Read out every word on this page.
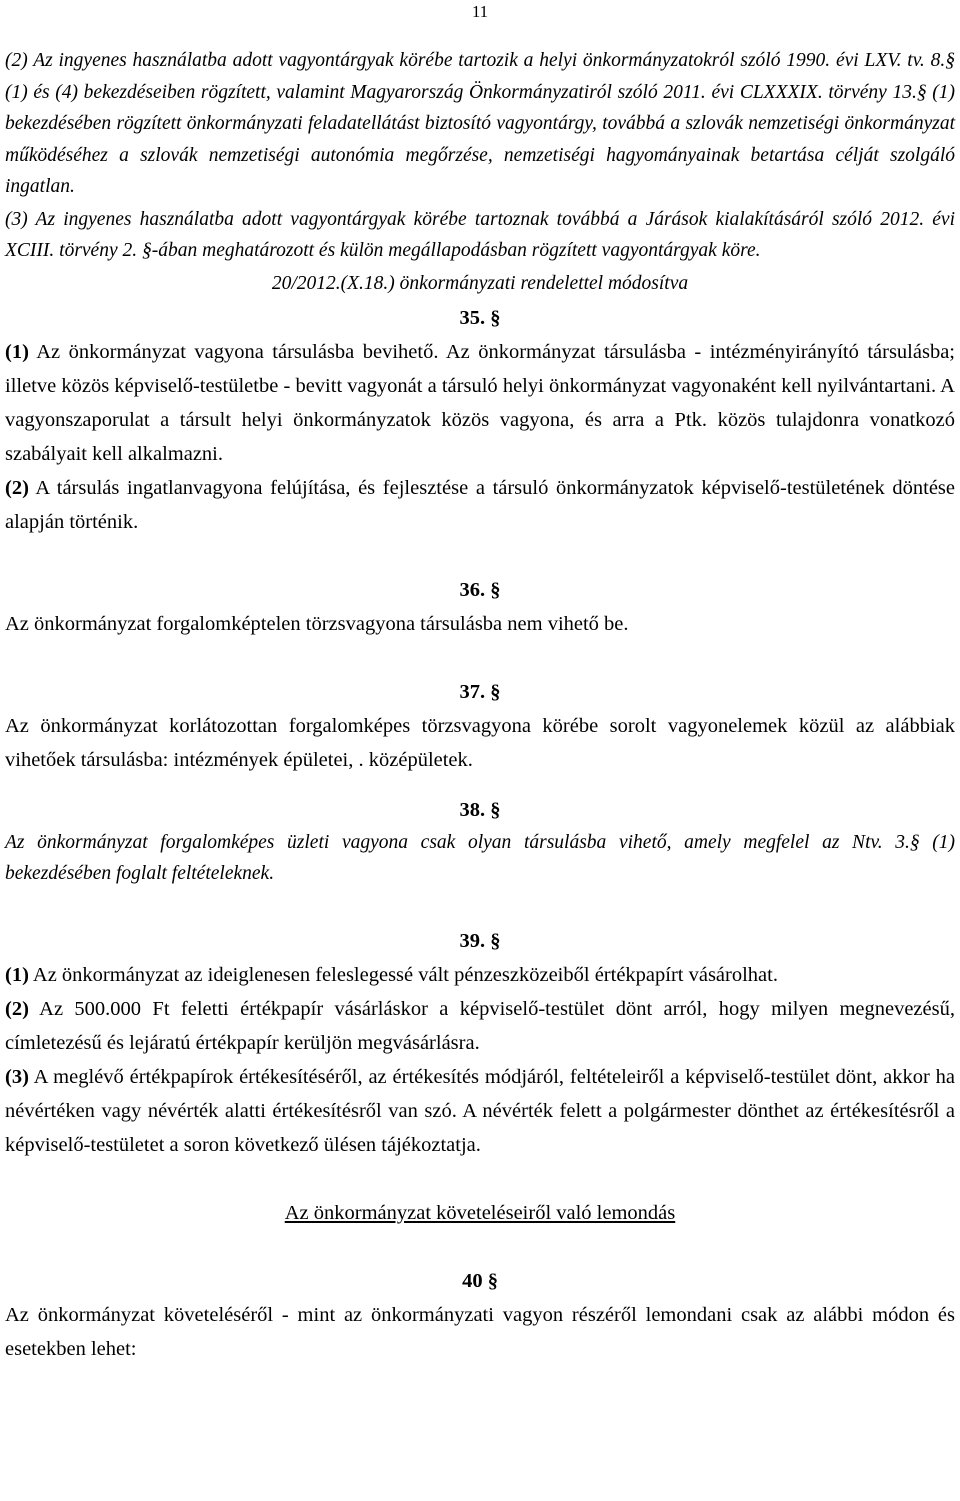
11

(2) Az ingyenes használatba adott vagyontárgyak körébe tartozik a helyi önkormányzatokról szóló 1990. évi LXV. tv. 8.§ (1) és (4) bekezdéseiben rögzített, valamint Magyarország Önkormányzatiról szóló 2011. évi CLXXXIX. törvény 13.§ (1) bekezdésében rögzített önkormányzati feladatellátást biztosító vagyontárgy, továbbá a szlovák nemzetiségi önkormányzat működéséhez a szlovák nemzetiségi autonómia megőrzése, nemzetiségi hagyományainak betartása célját szolgáló ingatlan.

(3) Az ingyenes használatba adott vagyontárgyak körébe tartoznak továbbá a Járások kialakításáról szóló 2012. évi XCIII. törvény 2. §-ában meghatározott és külön megállapodásban rögzített vagyontárgyak köre.

20/2012.(X.18.) önkormányzati rendelettel módosítva

35. §

(1) Az önkormányzat vagyona társulásba bevihető. Az önkormányzat társulásba - intézményirányító társulásba; illetve közös képviselő-testületbe - bevitt vagyonát a társuló helyi önkormányzat vagyonaként kell nyilvántartani. A vagyonszaporulat a társult helyi önkormányzatok közös vagyona, és arra a Ptk. közös tulajdonra vonatkozó szabályait kell alkalmazni.

(2) A társulás ingatlanvagyona felújítása, és fejlesztése a társuló önkormányzatok képviselő-testületének döntése alapján történik.

36. §

Az önkormányzat forgalomképtelen törzsvagyona társulásba nem vihető be.

37. §

Az önkormányzat korlátozottan forgalomképes törzsvagyona körébe sorolt vagyonelemek közül az alábbiak vihetőek társulásba: intézmények épületei, . középületek.

38. §

Az önkormányzat forgalomképes üzleti vagyona csak olyan társulásba vihető, amely megfelel az Ntv. 3.§ (1) bekezdésében foglalt feltételeknek.

39. §

(1) Az önkormányzat az ideiglenesen feleslegessé vált pénzeszközeiből értékpapírt vásárolhat.

(2) Az 500.000 Ft feletti értékpapír vásárláskor a képviselő-testület dönt arról, hogy milyen megnevezésű, címletezésű és lejáratú értékpapír kerüljön megvásárlásra.

(3) A meglévő értékpapírok értékesítéséről, az értékesítés módjáról, feltételeiről a képviselő-testület dönt, akkor ha névértéken vagy névérték alatti értékesítésről van szó. A névérték felett a polgármester dönthet az értékesítésről a képviselő-testületet a soron következő ülésen tájékoztatja.

Az önkormányzat követeléseiről való lemondás

40 §

Az önkormányzat követeléséről - mint az önkormányzati vagyon részéről lemondani csak az alábbi módon és esetekben lehet:
